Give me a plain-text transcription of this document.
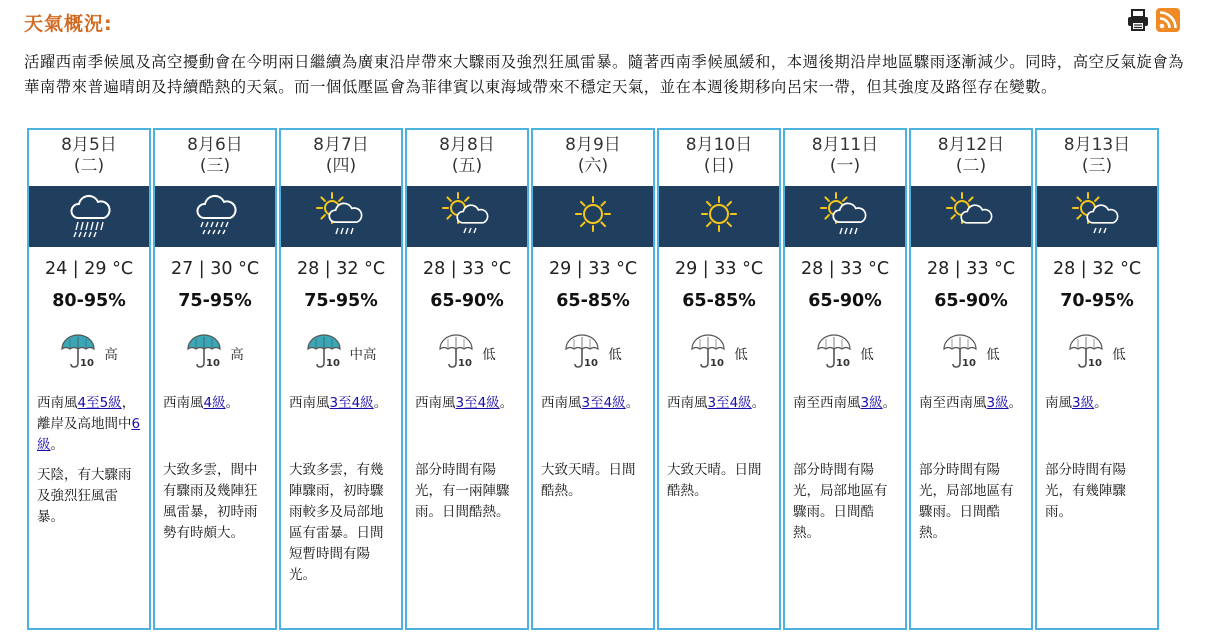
天氣概況:
活躍西南季候風及高空擾動會在今明兩日繼續為廣東沿岸帶來大驟雨及強烈狂風雷暴。隨著西南季候風緩和，本週後期沿岸地區驟雨逐漸減少。同時，高空反氣旋會為華南帶來普遍晴朗及持續酷熱的天氣。而一個低壓區會為菲律賓以東海域帶來不穩定天氣，並在本週後期移向呂宋一帶，但其強度及路徑存在變數。
8月5日
(二)
24 | 29 °C
80-95%
10
高
西南風4至5級，離岸及高地間中6級。
天陰，有大驟雨及強烈狂風雷暴。
8月6日
(三)
27 | 30 °C
75-95%
10
高
西南風4級。
大致多雲，間中有驟雨及幾陣狂風雷暴，初時雨勢有時頗大。
8月7日
(四)
28 | 32 °C
75-95%
10
中高
西南風3至4級。
大致多雲，有幾陣驟雨，初時驟雨較多及局部地區有雷暴。日間短暫時間有陽光。
8月8日
(五)
28 | 33 °C
65-90%
10
低
西南風3至4級。
部分時間有陽光，有一兩陣驟雨。日間酷熱。
8月9日
(六)
29 | 33 °C
65-85%
10
低
西南風3至4級。
大致天晴。日間酷熱。
8月10日
(日)
29 | 33 °C
65-85%
10
低
西南風3至4級。
大致天晴。日間酷熱。
8月11日
(一)
28 | 33 °C
65-90%
10
低
南至西南風3級。
部分時間有陽光，局部地區有驟雨。日間酷熱。
8月12日
(二)
28 | 33 °C
65-90%
10
低
南至西南風3級。
部分時間有陽光，局部地區有驟雨。日間酷熱。
8月13日
(三)
28 | 32 °C
70-95%
10
低
南風3級。
部分時間有陽光，有幾陣驟雨。
